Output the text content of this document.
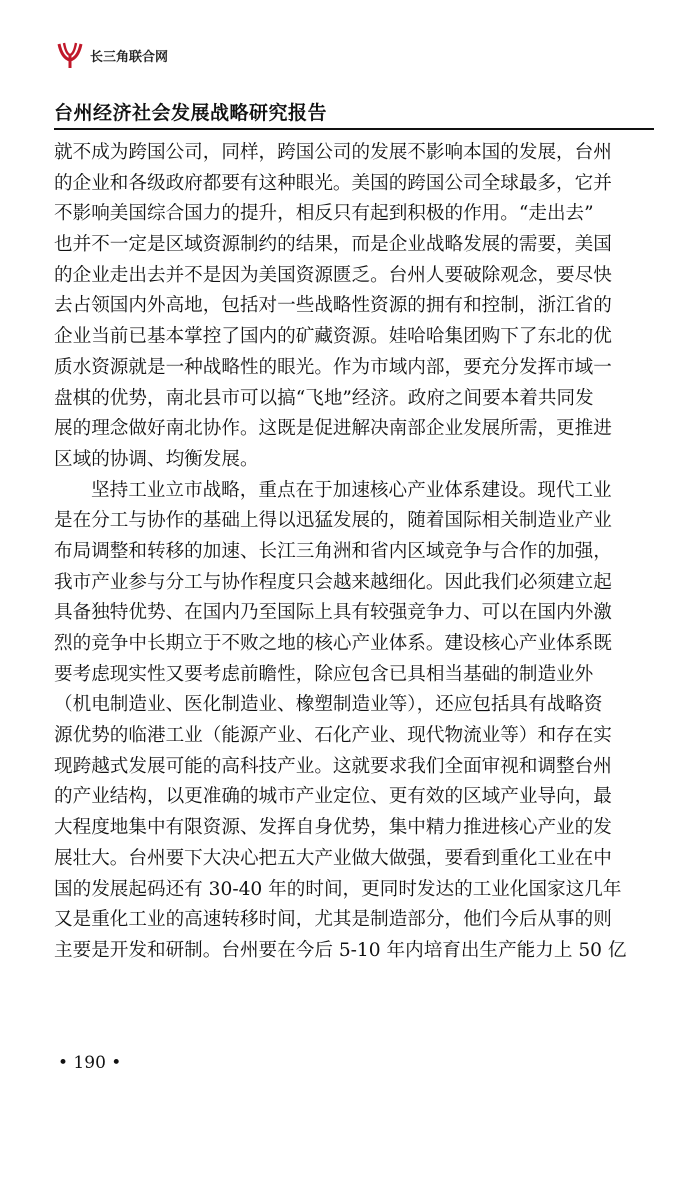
长三角联合网
台州经济社会发展战略研究报告
就不成为跨国公司，同样，跨国公司的发展不影响本国的发展，台州
的企业和各级政府都要有这种眼光。美国的跨国公司全球最多，它并
不影响美国综合国力的提升，相反只有起到积极的作用。“走出去”
也并不一定是区域资源制约的结果，而是企业战略发展的需要，美国
的企业走出去并不是因为美国资源匮乏。台州人要破除观念，要尽快
去占领国内外高地，包括对一些战略性资源的拥有和控制，浙江省的
企业当前已基本掌控了国内的矿藏资源。娃哈哈集团购下了东北的优
质水资源就是一种战略性的眼光。作为市域内部，要充分发挥市域一
盘棋的优势，南北县市可以搞“飞地”经济。政府之间要本着共同发
展的理念做好南北协作。这既是促进解决南部企业发展所需，更推进
区域的协调、均衡发展。
坚持工业立市战略，重点在于加速核心产业体系建设。现代工业
是在分工与协作的基础上得以迅猛发展的，随着国际相关制造业产业
布局调整和转移的加速、长江三角洲和省内区域竞争与合作的加强，
我市产业参与分工与协作程度只会越来越细化。因此我们必须建立起
具备独特优势、在国内乃至国际上具有较强竞争力、可以在国内外激
烈的竞争中长期立于不败之地的核心产业体系。建设核心产业体系既
要考虑现实性又要考虑前瞻性，除应包含已具相当基础的制造业外
（机电制造业、医化制造业、橡塑制造业等），还应包括具有战略资
源优势的临港工业（能源产业、石化产业、现代物流业等）和存在实
现跨越式发展可能的高科技产业。这就要求我们全面审视和调整台州
的产业结构，以更准确的城市产业定位、更有效的区域产业导向，最
大程度地集中有限资源、发挥自身优势，集中精力推进核心产业的发
展壮大。台州要下大决心把五大产业做大做强，要看到重化工业在中
国的发展起码还有 30-40 年的时间，更同时发达的工业化国家这几年
又是重化工业的高速转移时间，尤其是制造部分，他们今后从事的则
主要是开发和研制。台州要在今后 5-10 年内培育出生产能力上 50 亿
• 190 •
